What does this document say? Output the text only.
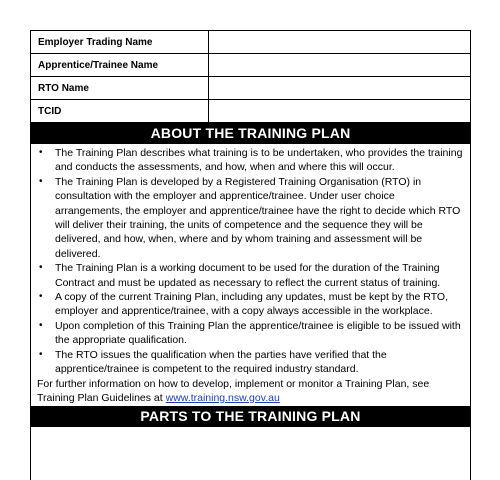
Employer Trading Name	
Apprentice/Trainee Name	
RTO Name	
TCID	
ABOUT THE TRAINING PLAN
• The Training Plan describes what training is to be undertaken, who provides the training and conducts the assessments, and how, when and where this will occur.
• The Training Plan is developed by a Registered Training Organisation (RTO) in consultation with the employer and apprentice/trainee. Under user choice arrangements, the employer and apprentice/trainee have the right to decide which RTO will deliver their training, the units of competence and the sequence they will be delivered, and how, when, where and by whom training and assessment will be delivered.
• The Training Plan is a working document to be used for the duration of the Training Contract and must be updated as necessary to reflect the current status of training.
• A copy of the current Training Plan, including any updates, must be kept by the RTO, employer and apprentice/trainee, with a copy always accessible in the workplace.
• Upon completion of this Training Plan the apprentice/trainee is eligible to be issued with the appropriate qualification.
• The RTO issues the qualification when the parties have verified that the apprentice/trainee is competent to the required industry standard.
For further information on how to develop, implement or monitor a Training Plan, see Training Plan Guidelines at www.training.nsw.gov.au
PARTS TO THE TRAINING PLAN
